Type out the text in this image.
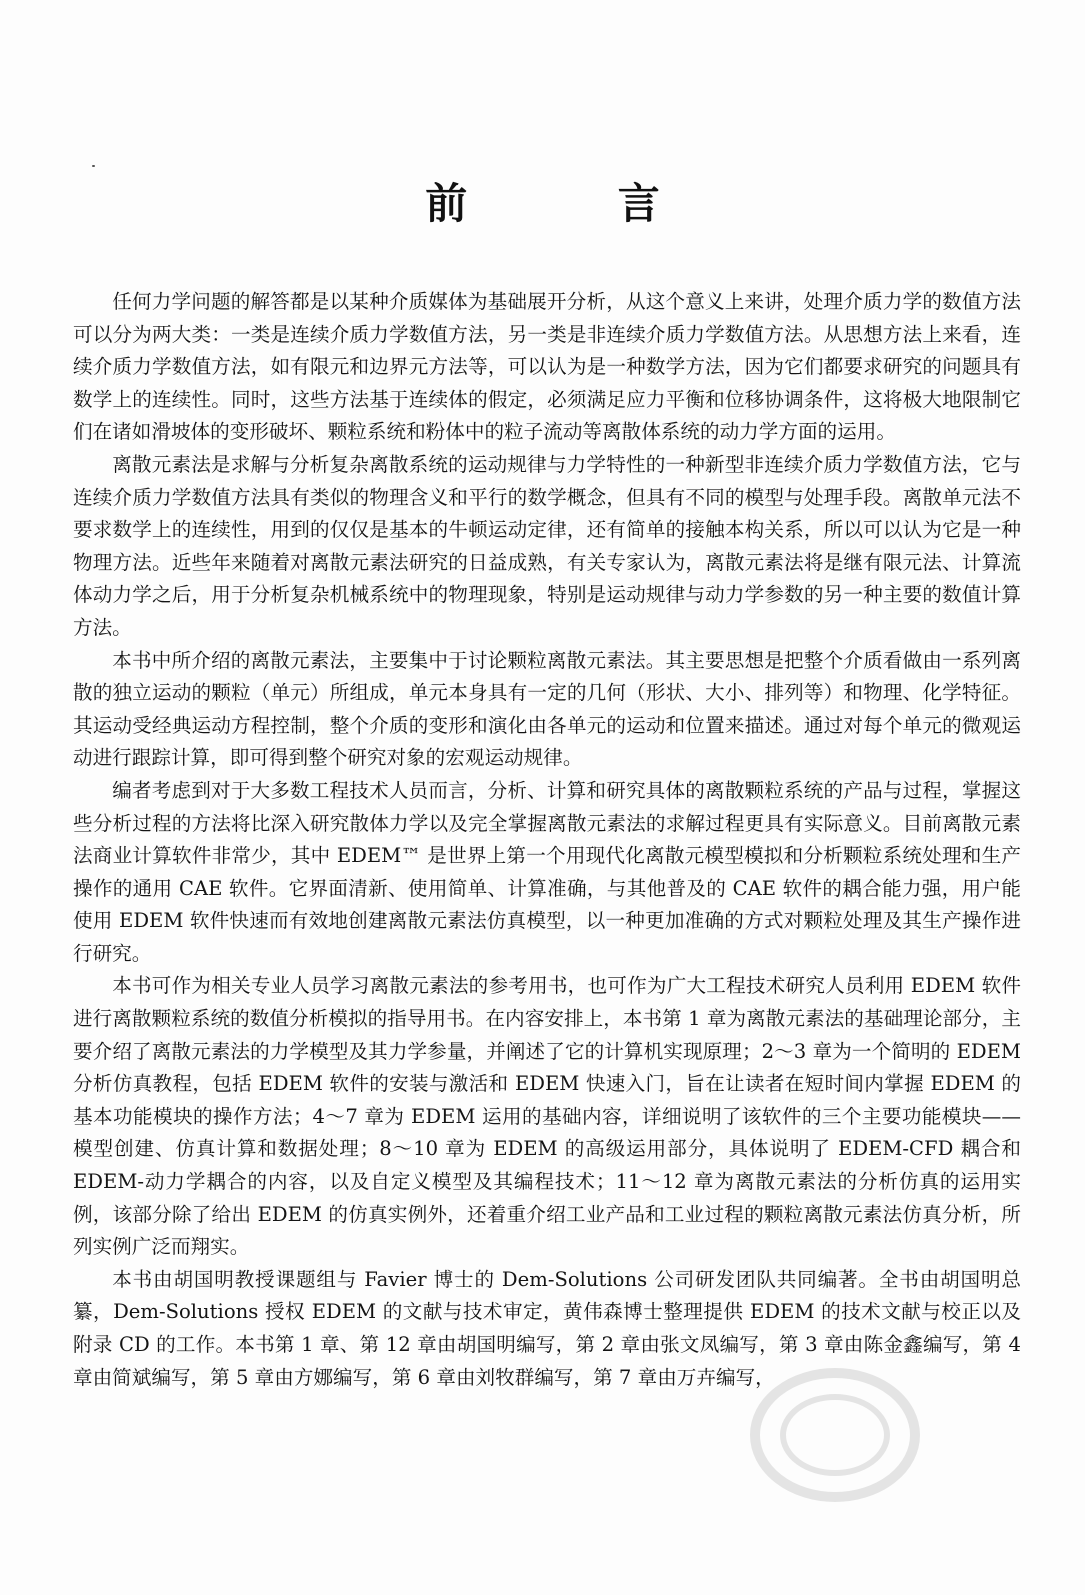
前 言

任何力学问题的解答都是以某种介质媒体为基础展开分析，从这个意义上来讲，处理介质力学的数值方法可以分为两大类：一类是连续介质力学数值方法，另一类是非连续介质力学数值方法。从思想方法上来看，连续介质力学数值方法，如有限元和边界元方法等，可以认为是一种数学方法，因为它们都要求研究的问题具有数学上的连续性。同时，这些方法基于连续体的假定，必须满足应力平衡和位移协调条件，这将极大地限制它们在诸如滑坡体的变形破坏、颗粒系统和粉体中的粒子流动等离散体系统的动力学方面的运用。

离散元素法是求解与分析复杂离散系统的运动规律与力学特性的一种新型非连续介质力学数值方法，它与连续介质力学数值方法具有类似的物理含义和平行的数学概念，但具有不同的模型与处理手段。离散单元法不要求数学上的连续性，用到的仅仅是基本的牛顿运动定律，还有简单的接触本构关系，所以可以认为它是一种物理方法。近些年来随着对离散元素法研究的日益成熟，有关专家认为，离散元素法将是继有限元法、计算流体动力学之后，用于分析复杂机械系统中的物理现象，特别是运动规律与动力学参数的另一种主要的数值计算方法。

本书中所介绍的离散元素法，主要集中于讨论颗粒离散元素法。其主要思想是把整个介质看做由一系列离散的独立运动的颗粒（单元）所组成，单元本身具有一定的几何（形状、大小、排列等）和物理、化学特征。其运动受经典运动方程控制，整个介质的变形和演化由各单元的运动和位置来描述。通过对每个单元的微观运动进行跟踪计算，即可得到整个研究对象的宏观运动规律。

编者考虑到对于大多数工程技术人员而言，分析、计算和研究具体的离散颗粒系统的产品与过程，掌握这些分析过程的方法将比深入研究散体力学以及完全掌握离散元素法的求解过程更具有实际意义。目前离散元素法商业计算软件非常少，其中 EDEM™ 是世界上第一个用现代化离散元模型模拟和分析颗粒系统处理和生产操作的通用 CAE 软件。它界面清新、使用简单、计算准确，与其他普及的 CAE 软件的耦合能力强，用户能使用 EDEM 软件快速而有效地创建离散元素法仿真模型，以一种更加准确的方式对颗粒处理及其生产操作进行研究。

本书可作为相关专业人员学习离散元素法的参考用书，也可作为广大工程技术研究人员利用 EDEM 软件进行离散颗粒系统的数值分析模拟的指导用书。在内容安排上，本书第 1 章为离散元素法的基础理论部分，主要介绍了离散元素法的力学模型及其力学参量，并阐述了它的计算机实现原理；2～3 章为一个简明的 EDEM 分析仿真教程，包括 EDEM 软件的安装与激活和 EDEM 快速入门，旨在让读者在短时间内掌握 EDEM 的基本功能模块的操作方法；4～7 章为 EDEM 运用的基础内容，详细说明了该软件的三个主要功能模块——模型创建、仿真计算和数据处理；8～10 章为 EDEM 的高级运用部分，具体说明了 EDEM-CFD 耦合和 EDEM-动力学耦合的内容，以及自定义模型及其编程技术；11～12 章为离散元素法的分析仿真的运用实例，该部分除了给出 EDEM 的仿真实例外，还着重介绍工业产品和工业过程的颗粒离散元素法仿真分析，所列实例广泛而翔实。

本书由胡国明教授课题组与 Favier 博士的 Dem-Solutions 公司研发团队共同编著。全书由胡国明总纂，Dem-Solutions 授权 EDEM 的文献与技术审定，黄伟森博士整理提供 EDEM 的技术文献与校正以及附录 CD 的工作。本书第 1 章、第 12 章由胡国明编写，第 2 章由张文凤编写，第 3 章由陈金鑫编写，第 4 章由简斌编写，第 5 章由方娜编写，第 6 章由刘牧群编写，第 7 章由万卉编写，
